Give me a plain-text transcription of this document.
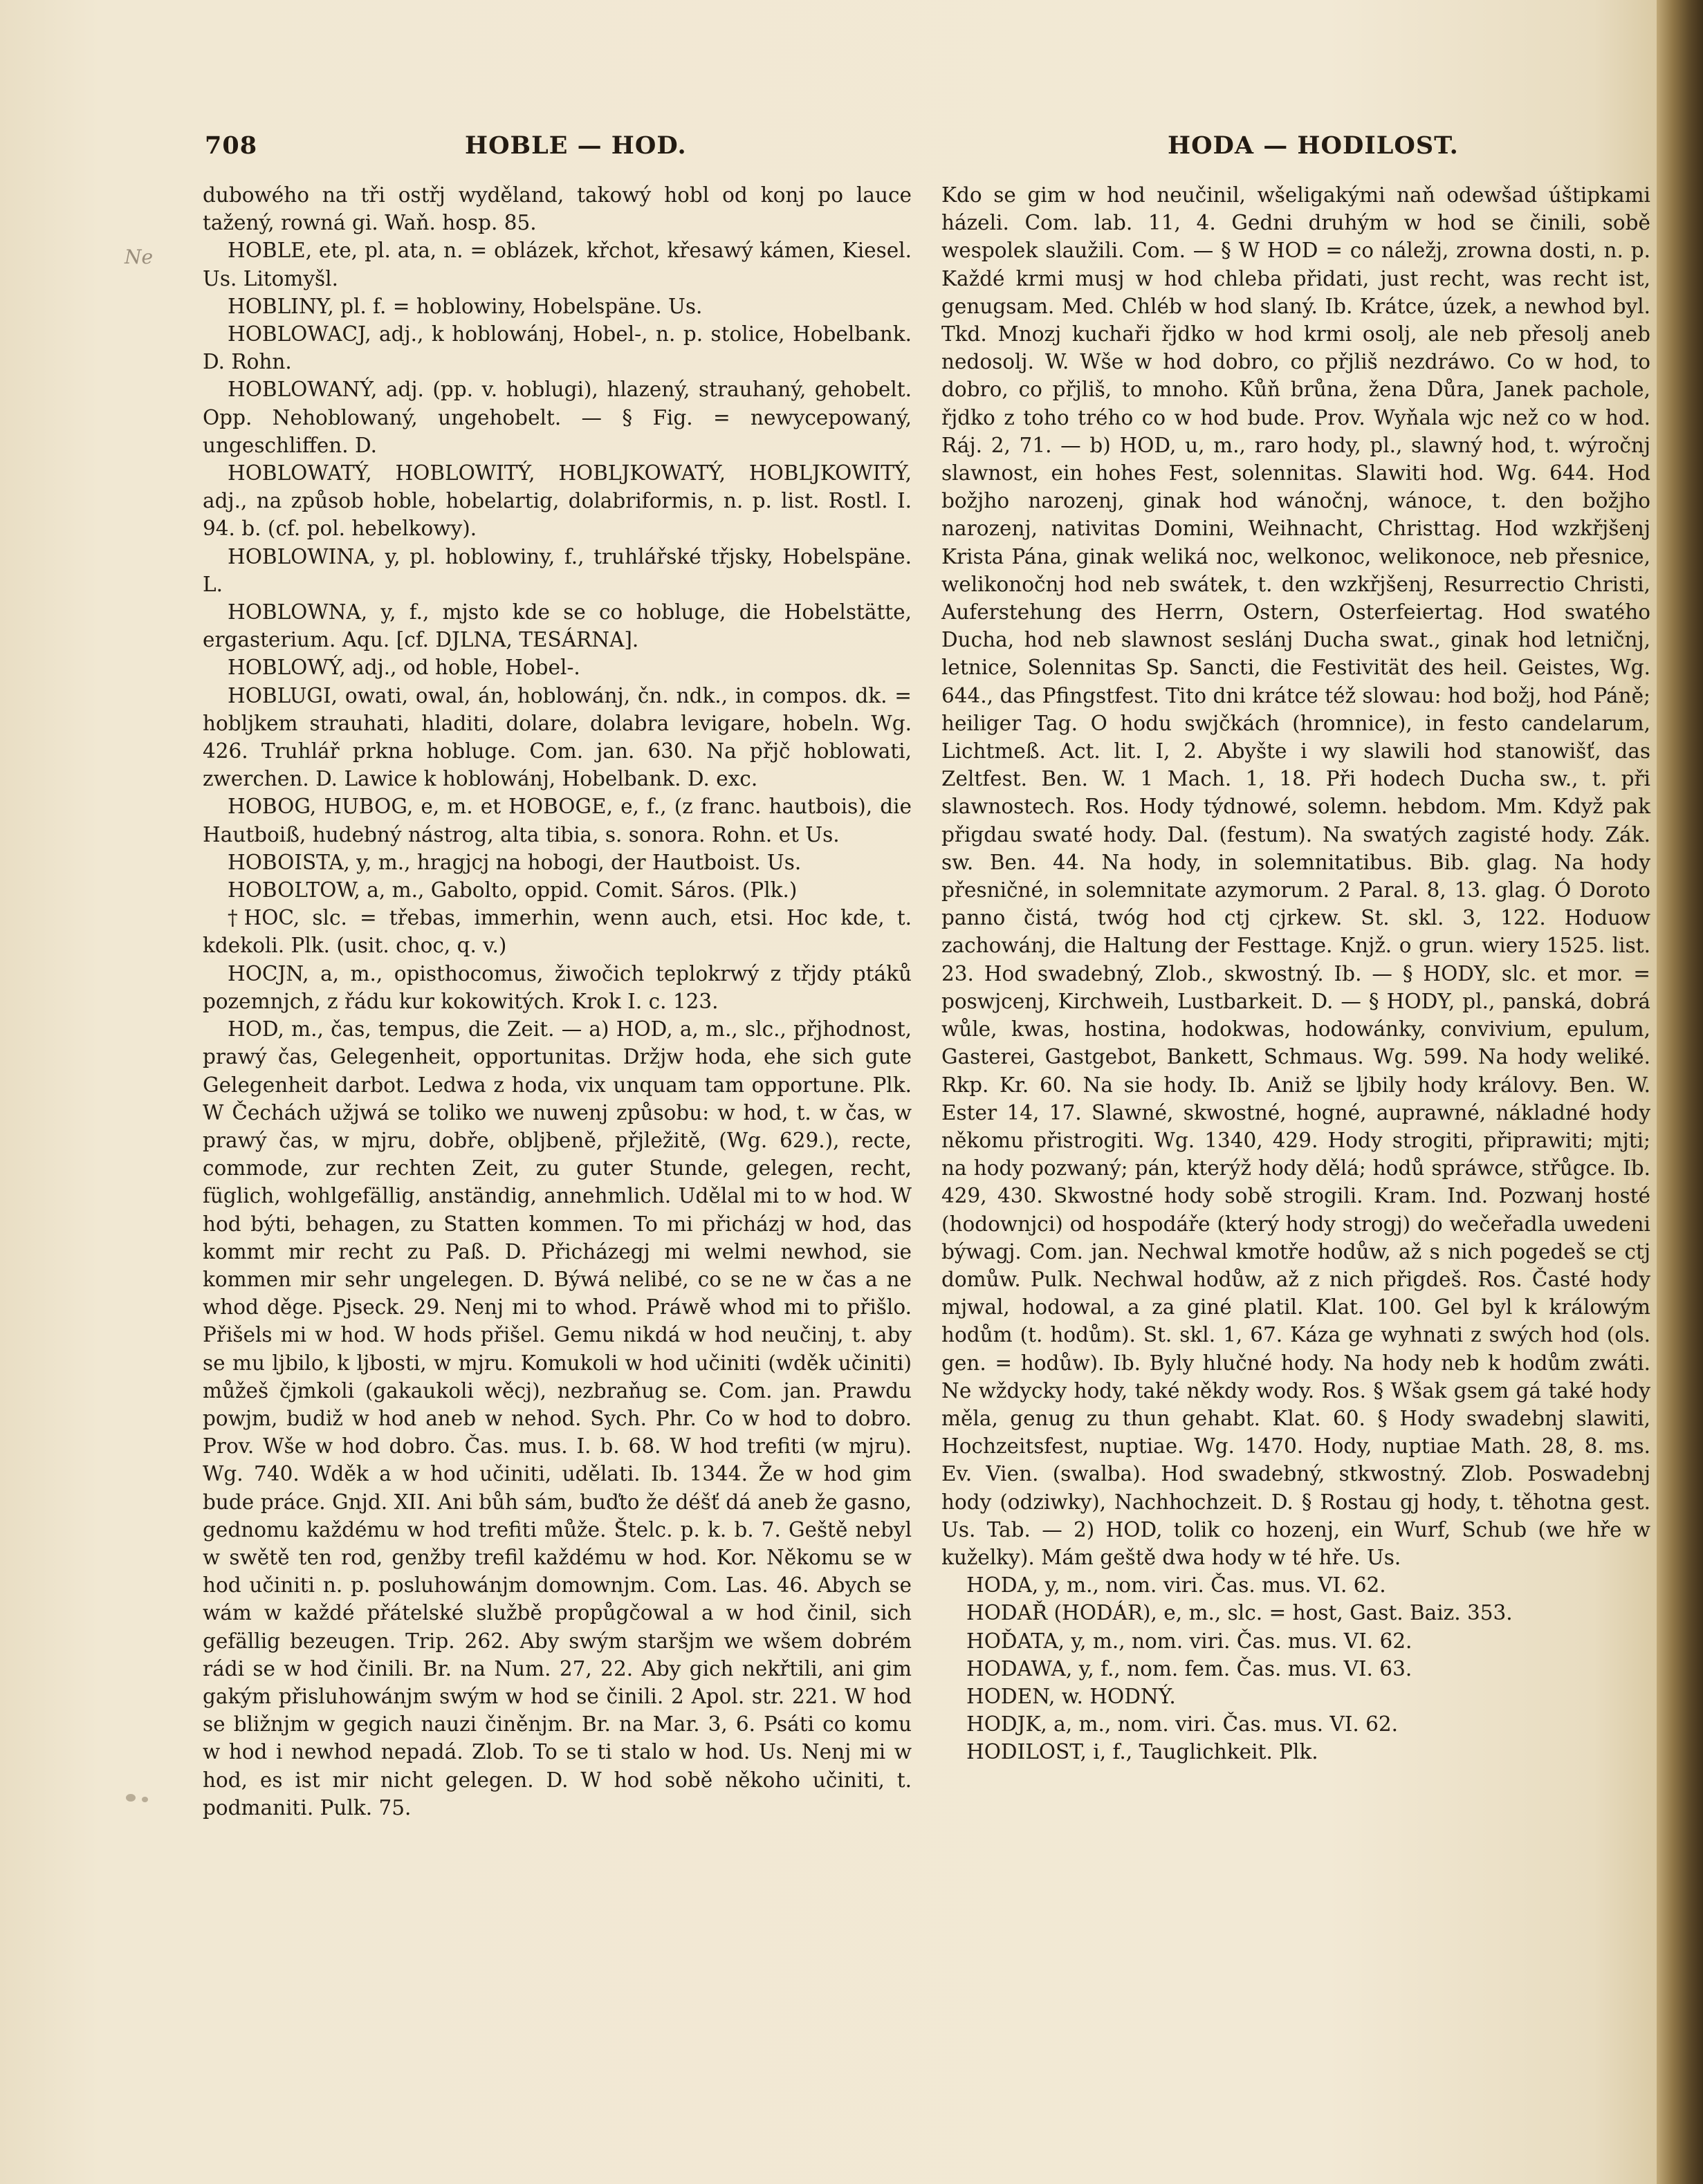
708	HOBLE — HOD.	HODA — HODILOST.
Ne

dubowého na tři ostřj wyděland, takowý hobl od konj po lauce tažený, rowná gi. Waň. hosp. 85.

HOBLE, ete, pl. ata, n. = oblázek, křchot, křesawý kámen, Kiesel. Us. Litomyšl.

HOBLINY, pl. f. = hoblowiny, Hobelspäne. Us.

HOBLOWACJ, adj., k hoblowánj, Hobel-, n. p. stolice, Hobelbank. D. Rohn.

HOBLOWANÝ, adj. (pp. v. hoblugi), hlazený, strauhaný, gehobelt. Opp. Nehoblowaný, ungehobelt. — § Fig. = newycepowaný, ungeschliffen. D.

HOBLOWATÝ, HOBLOWITÝ, HOBLJKOWATÝ, HOBLJKOWITÝ, adj., na způsob hoble, hobelartig, dolabriformis, n. p. list. Rostl. I. 94. b. (cf. pol. hebelkowy).

HOBLOWINA, y, pl. hoblowiny, f., truhlářské třjsky, Hobelspäne. L.

HOBLOWNA, y, f., mjsto kde se co hobluge, die Hobelstätte, ergasterium. Aqu. [cf. DJLNA, TESÁRNA].

HOBLOWÝ, adj., od hoble, Hobel-.

HOBLUGI, owati, owal, án, hoblowánj, čn. ndk., in compos. dk. = hobljkem strauhati, hladiti, dolare, dolabra levigare, hobeln. Wg. 426. Truhlář prkna hobluge. Com. jan. 630. Na přjč hoblowati, zwerchen. D. Lawice k hoblowánj, Hobelbank. D. exc.

HOBOG, HUBOG, e, m. et HOBOGE, e, f., (z franc. hautbois), die Hautboiß, hudebný nástrog, alta tibia, s. sonora. Rohn. et Us.

HOBOISTA, y, m., hragjcj na hobogi, der Hautboist. Us.

HOBOLTOW, a, m., Gaboltо, oppid. Comit. Sáros. (Plk.)

†HOC, slc. = třebas, immerhin, wenn auch, etsi. Hoc kde, t. kdekoli. Plk. (usit. choc, q. v.)

HOCJN, a, m., opisthocomus, žiwočich teplokrwý z třjdy ptáků pozemnjch, z řádu kur kokowitých. Krok I. c. 123.

HOD, m., čas, tempus, die Zeit. — a) HOD, a, m., slc., přjhodnost, prawý čas, Gelegenheit, opportunitas. Držjw hoda, ehe sich gute Gelegenheit darbot. Ledwa z hoda, vix unquam tam opportune. Plk. W Čechách užjwá se toliko we nuwenj způsobu: w hod, t. w čas, w prawý čas, w mjru, dobře, obljbeně, přjležitě, (Wg. 629.), recte, commode, zur rechten Zeit, zu guter Stunde, gelegen, recht, füglich, wohlgefällig, anständig, annehmlich. Udělal mi to w hod. W hod býti, behagen, zu Statten kommen. To mi přicházj w hod, das kommt mir recht zu Paß. D. Přicházegj mi welmi newhod, sie kommen mir sehr ungelegen. D. Býwá nelibé, co se ne w čas a ne whod děge. Pjseck. 29. Nenj mi to whod. Práwě whod mi to přišlo. Přišels mi w hod. W hods přišel. Gemu nikdá w hod neučinj, t. aby se mu ljbilo, k ljbosti, w mjru. Komukoli w hod učiniti (wděk učiniti) můžeš čjmkoli (gakaukoli wěcj), nezbraňug se. Com. jan. Prawdu powjm, budiž w hod aneb w nehod. Sych. Phr. Co w hod to dobro. Prov. Wše w hod dobro. Čas. mus. I. b. 68. W hod trefiti (w mjru). Wg. 740. Wděk a w hod učiniti, udělati. Ib. 1344. Že w hod gim bude práce. Gnjd. XII. Ani bůh sám, buďto že déšť dá aneb že gasno, gednomu každému w hod trefiti může. Štelc. p. k. b. 7. Geště nebyl w swětě ten rod, genžby trefil každému w hod. Kor. Někomu se w hod učiniti n. p. posluhowánjm domownjm. Com. Las. 46. Abych se wám w každé přátelské službě propůgčowal a w hod činil, sich gefällig bezeugen. Trip. 262. Aby swým staršjm we wšem dobrém rádi se w hod činili. Br. na Num. 27, 22. Aby gich nekřtili, ani gim gakým přisluhowánjm swým w hod se činili. 2 Apol. str. 221. W hod se bližnjm w gegich nauzi činěnjm. Br. na Mar. 3, 6. Psáti co komu w hod i newhod nepadá. Zlob. To se ti stalo w hod. Us. Nenj mi w hod, es ist mir nicht gelegen. D. W hod sobě někoho učiniti, t. podmaniti. Pulk. 75.

Kdo se gim w hod neučinil, wšeligakými naň odewšad úštipkami házeli. Com. lab. 11, 4. Gedni druhým w hod se činili, sobě wespolek slaužili. Com. — § W HOD = co náležj, zrowna dosti, n. p. Každé krmi musj w hod chleba přidati, just recht, was recht ist, genugsam. Med. Chléb w hod slaný. Ib. Krátce, úzek, a newhod byl. Tkd. Mnozj kuchaři řjdko w hod krmi osolj, ale neb přesolj aneb nedosolj. W. Wše w hod dobro, co přjliš nezdráwo. Co w hod, to dobro, co přjliš, to mnoho. Kůň brůna, žena Důra, Janek pachole, řjdko z toho trého co w hod bude. Prov. Wyňala wjc než co w hod. Ráj. 2, 71. — b) HOD, u, m., raro hody, pl., slawný hod, t. wýročnj slawnost, ein hohes Fest, solennitas. Slawiti hod. Wg. 644. Hod božjho narozenj, ginak hod wánočnj, wánoce, t. den božjho narozenj, nativitas Domini, Weihnacht, Christtag. Hod wzkřjšenj Krista Pána, ginak weliká noc, welkonoc, welikonoce, neb přesnice, welikonočnj hod neb swátek, t. den wzkřjšenj, Resurrectio Christi, Auferstehung des Herrn, Ostern, Osterfeiertag. Hod swatého Ducha, hod neb slawnost seslánj Ducha swat., ginak hod letničnj, letnice, Solennitas Sp. Sancti, die Festivität des heil. Geistes, Wg. 644., das Pfingstfest. Tito dni krátce též slowau: hod božj, hod Páně; heiliger Tag. O hodu swjčkách (hromnice), in festo candelarum, Lichtmeß. Act. lit. I, 2. Abyšte i wy slawili hod stanowišť, das Zeltfest. Ben. W. 1 Mach. 1, 18. Při hodech Ducha sw., t. při slawnostech. Ros. Hody týdnowé, solemn. hebdom. Mm. Když pak přigdau swaté hody. Dal. (festum). Na swatých zagisté hody. Zák. sw. Ben. 44. Na hody, in solemnitatibus. Bib. glag. Na hody přesničné, in solemnitate azymorum. 2 Paral. 8, 13. glag. Ó Doroto panno čistá, twóg hod ctj cjrkew. St. skl. 3, 122. Hoduow zachowánj, die Haltung der Festtage. Knjž. o grun. wiery 1525. list. 23. Hod swadebný, Zlob., skwostný. Ib. — § HODY, slc. et mor. = poswjcenj, Kirchweih, Lustbarkeit. D. — § HODY, pl., panská, dobrá wůle, kwas, hostina, hodokwas, hodowánky, convivium, epulum, Gasterei, Gastgebot, Bankett, Schmaus. Wg. 599. Na hody weliké. Rkp. Kr. 60. Na sie hody. Ib. Aniž se ljbily hody královy. Ben. W. Ester 14, 17. Slawné, skwostné, hogné, auprawné, nákladné hody někomu přistrogiti. Wg. 1340, 429. Hody strogiti, připrawiti; mjti; na hody pozwaný; pán, kterýž hody dělá; hodů spráwce, střůgce. Ib. 429, 430. Skwostné hody sobě strogili. Kram. Ind. Pozwanj hosté (hodownjci) od hospodáře (který hody strogj) do wečeřadla uwedeni býwagj. Com. jan. Nechwal kmotře hodůw, až s nich pogedeš se ctj domůw. Pulk. Nechwal hodůw, až z nich přigdeš. Ros. Časté hody mjwal, hodowal, a za giné platil. Klat. 100. Gel byl k králowým hodům (t. hodům). St. skl. 1, 67. Káza ge wyhnati z swých hod (ols. gen. = hodůw). Ib. Byly hlučné hody. Na hody neb k hodům zwáti. Ne wždycky hody, také někdy wody. Ros. § Wšak gsem gá také hody měla, genug zu thun gehabt. Klat. 60. § Hody swadebnj slawiti, Hochzeitsfest, nuptiae. Wg. 1470. Hody, nuptiae Math. 28, 8. ms. Ev. Vien. (swalba). Hod swadebný, stkwostný. Zlob. Poswadebnj hody (odziwky), Nachhochzeit. D. § Rostau gj hody, t. těhotna gest. Us. Tab. — 2) HOD, tolik co hozenj, ein Wurf, Schub (we hře w kuželky). Mám geště dwa hody w té hře. Us.

HODA, y, m., nom. viri. Čas. mus. VI. 62.

HODAŘ (HODÁR), e, m., slc. = host, Gast. Baiz. 353.

HOĎATA, y, m., nom. viri. Čas. mus. VI. 62.

HODAWA, y, f., nom. fem. Čas. mus. VI. 63.

HODEN, w. HODNÝ.

HODJK, a, m., nom. viri. Čas. mus. VI. 62.

HODILOST, i, f., Tauglichkeit. Plk.
